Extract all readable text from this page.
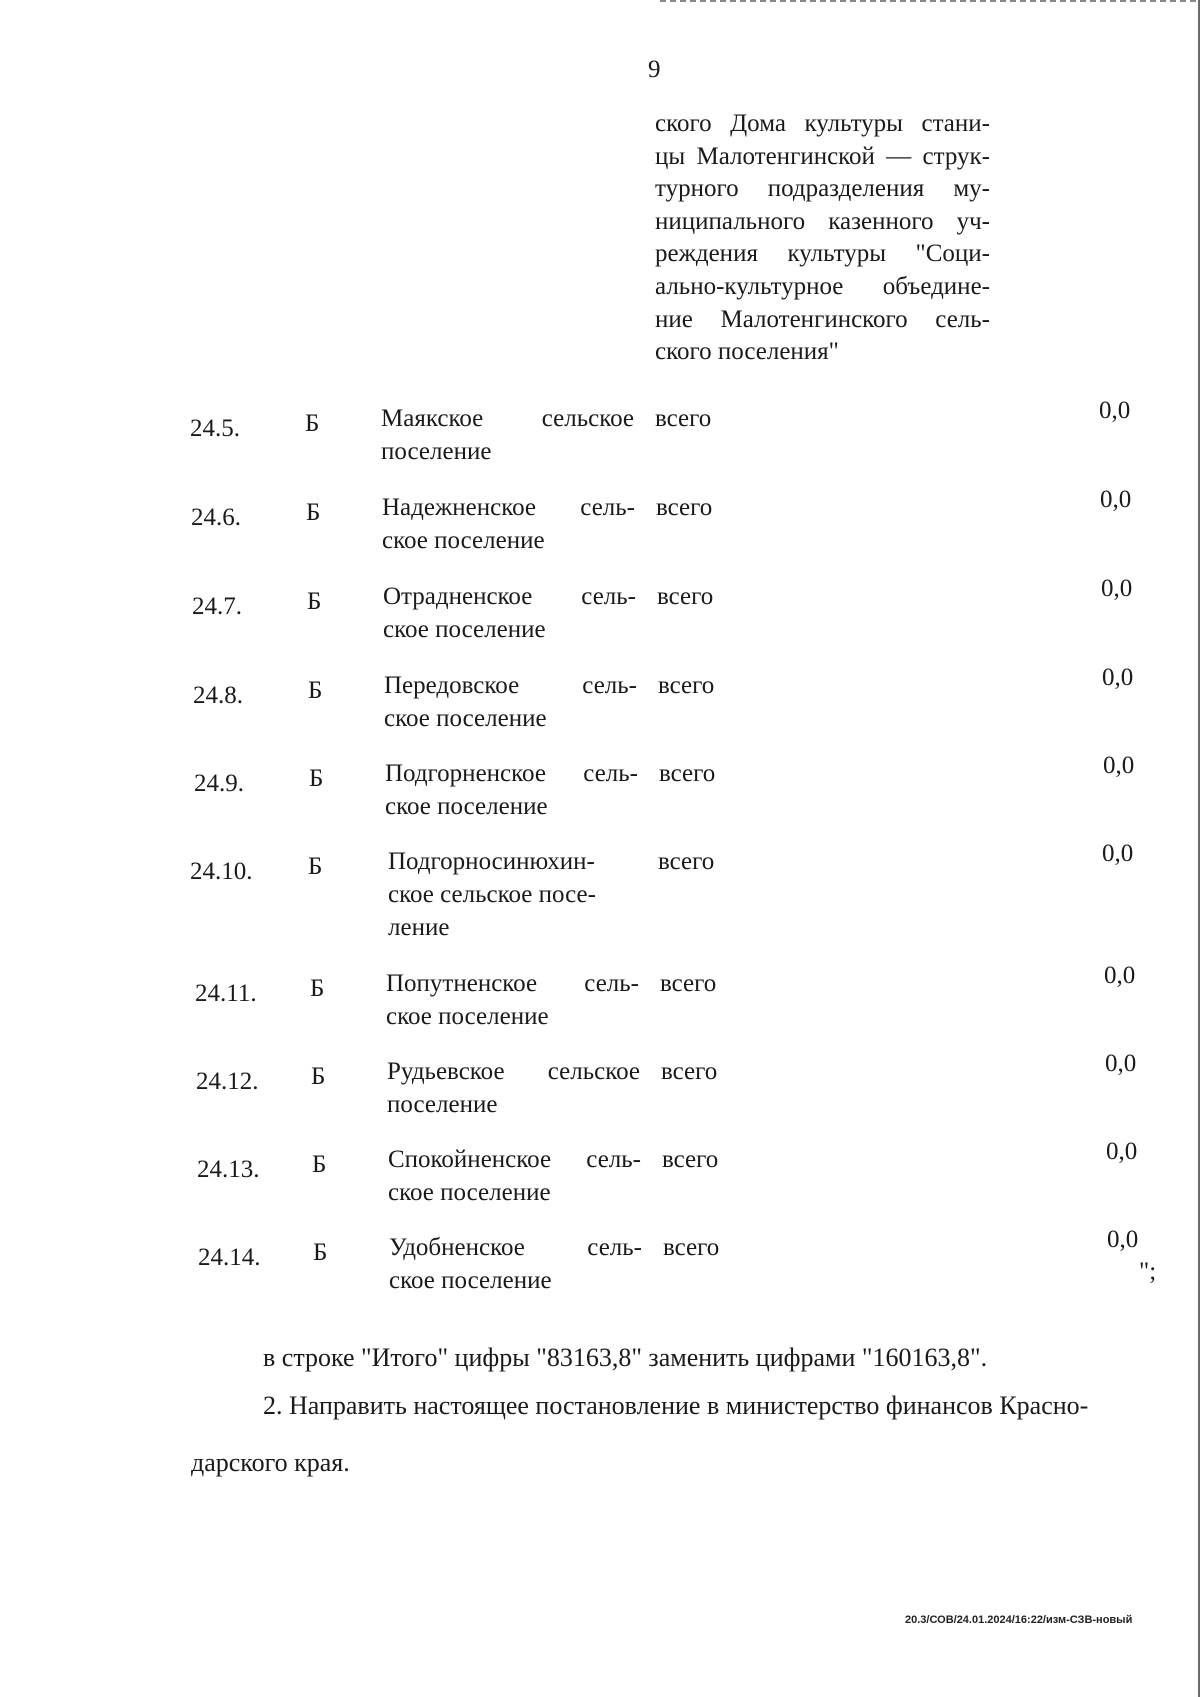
9
ского Дома культуры стани-
цы Малотенгинской — струк-
турного подразделения му-
ниципального казенного уч-
реждения культуры "Соци-
ально-культурное объедине-
ние Малотенгинского сель-
ского поселения"
24.5.	Б Маякское сельское
поселение
всего	0,0
24.6.	Б Надежненское сель-
ское поселение
всего	0,0
24.7.	Б Отрадненское сель-
ское поселение
всего	0,0
24.8.	Б Передовское сель-
ское поселение
всего	0,0
24.9.	Б Подгорненское сель-
ское поселение
всего	0,0
24.10. Б	Подгорносинюхин-
ское сельское посе-
ление
всего	0,0
24.11. Б Попутненское сель-
ское поселение
всего	0,0
24.12. Б Рудьевское сельское
поселение
всего	0,0
24.13. Б Спокойненское сель-
ское поселение
всего	0,0
24.14. Б Удобненское сель-
ское поселение
всего	0,0
";
в строке "Итого" цифры "83163,8" заменить цифрами "160163,8".
2. Направить настоящее постановление в министерство финансов Красно-
дарского края.
20.3/СОВ/24.01.2024/16:22/изм-СЗВ-новый
